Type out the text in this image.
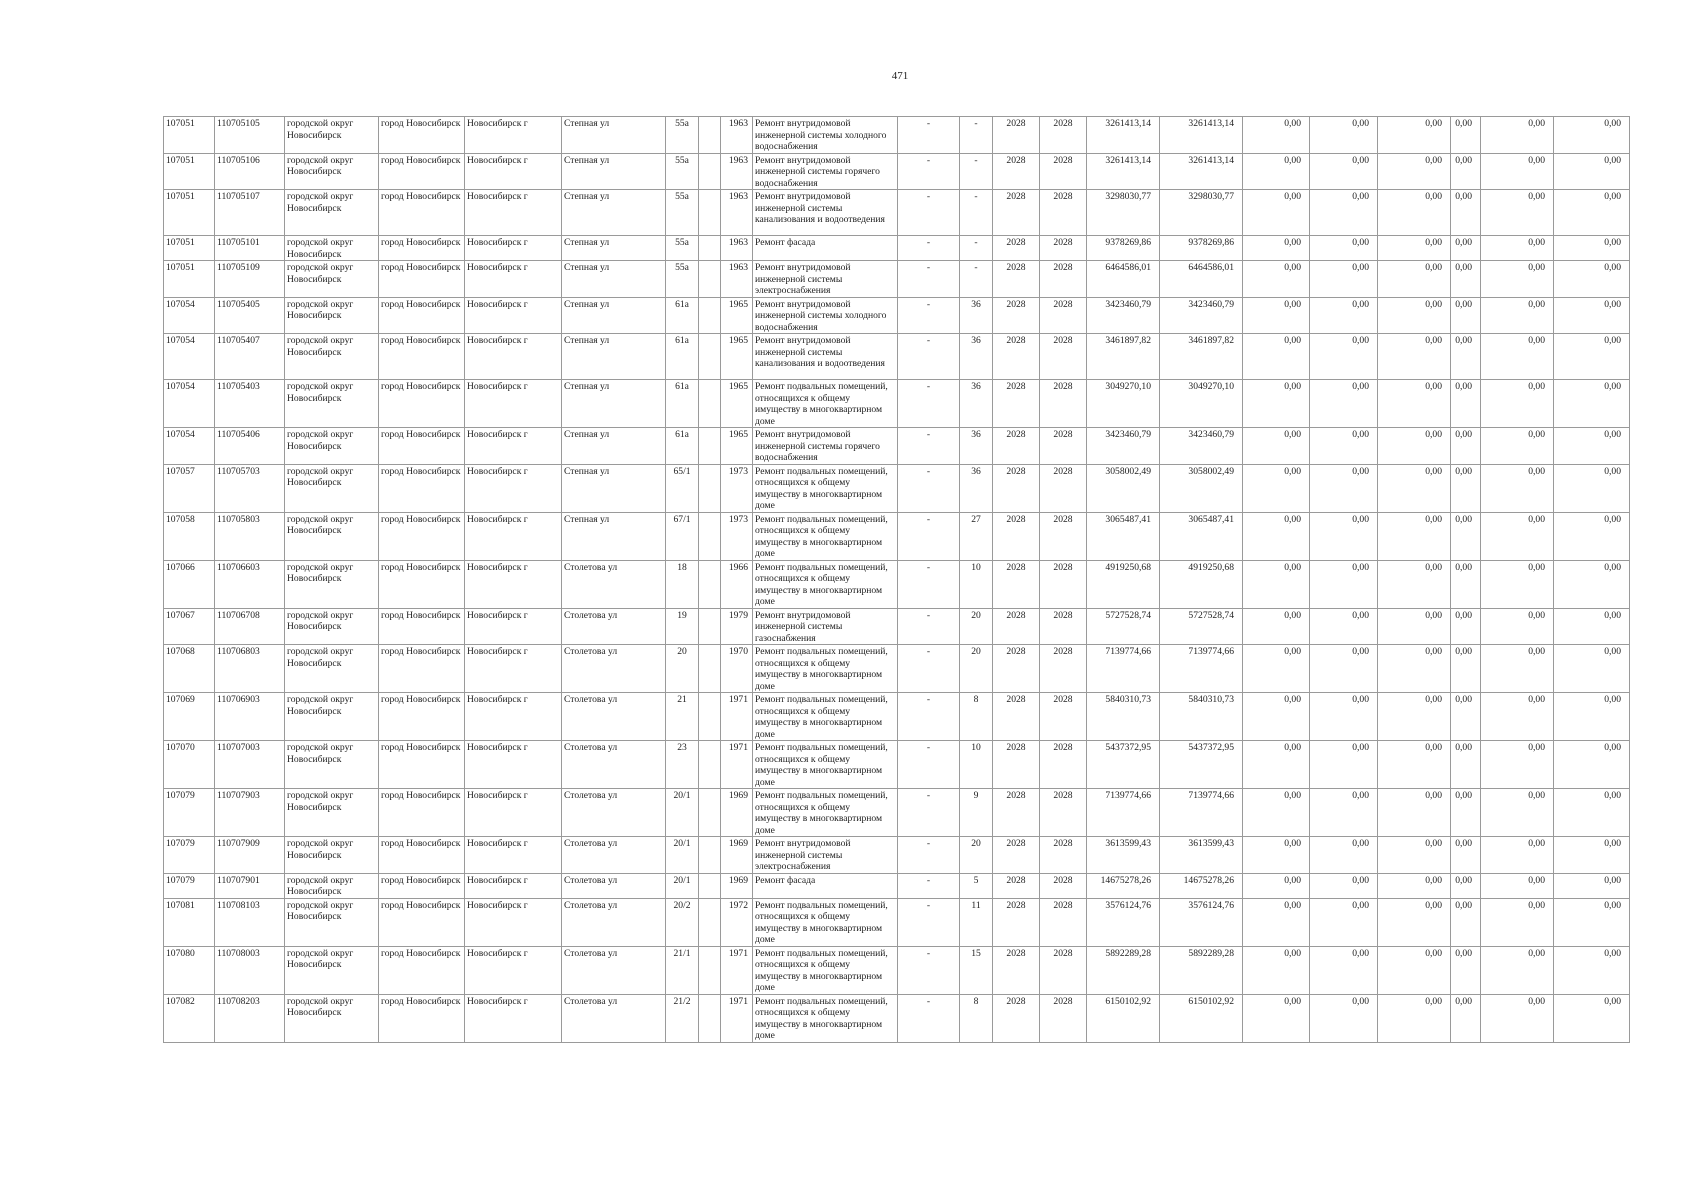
471
107051	110705105	городской округ Новосибирск	город Новосибирск	Новосибирск г	Степная ул	55а		1963	Ремонт внутридомовой инженерной системы холодного водоснабжения	-	-	2028	2028	3261413,14	3261413,14	0,00	0,00	0,00	0,00	0,00	0,00
107051	110705106	городской округ Новосибирск	город Новосибирск	Новосибирск г	Степная ул	55а		1963	Ремонт внутридомовой инженерной системы горячего водоснабжения	-	-	2028	2028	3261413,14	3261413,14	0,00	0,00	0,00	0,00	0,00	0,00
107051	110705107	городской округ Новосибирск	город Новосибирск	Новосибирск г	Степная ул	55а		1963	Ремонт внутридомовой инженерной системы канализования и водоотведения	-	-	2028	2028	3298030,77	3298030,77	0,00	0,00	0,00	0,00	0,00	0,00
107051	110705101	городской округ Новосибирск	город Новосибирск	Новосибирск г	Степная ул	55а		1963	Ремонт фасада	-	-	2028	2028	9378269,86	9378269,86	0,00	0,00	0,00	0,00	0,00	0,00
107051	110705109	городской округ Новосибирск	город Новосибирск	Новосибирск г	Степная ул	55а		1963	Ремонт внутридомовой инженерной системы электроснабжения	-	-	2028	2028	6464586,01	6464586,01	0,00	0,00	0,00	0,00	0,00	0,00
107054	110705405	городской округ Новосибирск	город Новосибирск	Новосибирск г	Степная ул	61а		1965	Ремонт внутридомовой инженерной системы холодного водоснабжения	-	36	2028	2028	3423460,79	3423460,79	0,00	0,00	0,00	0,00	0,00	0,00
107054	110705407	городской округ Новосибирск	город Новосибирск	Новосибирск г	Степная ул	61а		1965	Ремонт внутридомовой инженерной системы канализования и водоотведения	-	36	2028	2028	3461897,82	3461897,82	0,00	0,00	0,00	0,00	0,00	0,00
107054	110705403	городской округ Новосибирск	город Новосибирск	Новосибирск г	Степная ул	61а		1965	Ремонт подвальных помещений, относящихся к общему имуществу в многоквартирном доме	-	36	2028	2028	3049270,10	3049270,10	0,00	0,00	0,00	0,00	0,00	0,00
107054	110705406	городской округ Новосибирск	город Новосибирск	Новосибирск г	Степная ул	61а		1965	Ремонт внутридомовой инженерной системы горячего водоснабжения	-	36	2028	2028	3423460,79	3423460,79	0,00	0,00	0,00	0,00	0,00	0,00
107057	110705703	городской округ Новосибирск	город Новосибирск	Новосибирск г	Степная ул	65/1		1973	Ремонт подвальных помещений, относящихся к общему имуществу в многоквартирном доме	-	36	2028	2028	3058002,49	3058002,49	0,00	0,00	0,00	0,00	0,00	0,00
107058	110705803	городской округ Новосибирск	город Новосибирск	Новосибирск г	Степная ул	67/1		1973	Ремонт подвальных помещений, относящихся к общему имуществу в многоквартирном доме	-	27	2028	2028	3065487,41	3065487,41	0,00	0,00	0,00	0,00	0,00	0,00
107066	110706603	городской округ Новосибирск	город Новосибирск	Новосибирск г	Столетова ул	18		1966	Ремонт подвальных помещений, относящихся к общему имуществу в многоквартирном доме	-	10	2028	2028	4919250,68	4919250,68	0,00	0,00	0,00	0,00	0,00	0,00
107067	110706708	городской округ Новосибирск	город Новосибирск	Новосибирск г	Столетова ул	19		1979	Ремонт внутридомовой инженерной системы газоснабжения	-	20	2028	2028	5727528,74	5727528,74	0,00	0,00	0,00	0,00	0,00	0,00
107068	110706803	городской округ Новосибирск	город Новосибирск	Новосибирск г	Столетова ул	20		1970	Ремонт подвальных помещений, относящихся к общему имуществу в многоквартирном доме	-	20	2028	2028	7139774,66	7139774,66	0,00	0,00	0,00	0,00	0,00	0,00
107069	110706903	городской округ Новосибирск	город Новосибирск	Новосибирск г	Столетова ул	21		1971	Ремонт подвальных помещений, относящихся к общему имуществу в многоквартирном доме	-	8	2028	2028	5840310,73	5840310,73	0,00	0,00	0,00	0,00	0,00	0,00
107070	110707003	городской округ Новосибирск	город Новосибирск	Новосибирск г	Столетова ул	23		1971	Ремонт подвальных помещений, относящихся к общему имуществу в многоквартирном доме	-	10	2028	2028	5437372,95	5437372,95	0,00	0,00	0,00	0,00	0,00	0,00
107079	110707903	городской округ Новосибирск	город Новосибирск	Новосибирск г	Столетова ул	20/1		1969	Ремонт подвальных помещений, относящихся к общему имуществу в многоквартирном доме	-	9	2028	2028	7139774,66	7139774,66	0,00	0,00	0,00	0,00	0,00	0,00
107079	110707909	городской округ Новосибирск	город Новосибирск	Новосибирск г	Столетова ул	20/1		1969	Ремонт внутридомовой инженерной системы электроснабжения	-	20	2028	2028	3613599,43	3613599,43	0,00	0,00	0,00	0,00	0,00	0,00
107079	110707901	городской округ Новосибирск	город Новосибирск	Новосибирск г	Столетова ул	20/1		1969	Ремонт фасада	-	5	2028	2028	14675278,26	14675278,26	0,00	0,00	0,00	0,00	0,00	0,00
107081	110708103	городской округ Новосибирск	город Новосибирск	Новосибирск г	Столетова ул	20/2		1972	Ремонт подвальных помещений, относящихся к общему имуществу в многоквартирном доме	-	11	2028	2028	3576124,76	3576124,76	0,00	0,00	0,00	0,00	0,00	0,00
107080	110708003	городской округ Новосибирск	город Новосибирск	Новосибирск г	Столетова ул	21/1		1971	Ремонт подвальных помещений, относящихся к общему имуществу в многоквартирном доме	-	15	2028	2028	5892289,28	5892289,28	0,00	0,00	0,00	0,00	0,00	0,00
107082	110708203	городской округ Новосибирск	город Новосибирск	Новосибирск г	Столетова ул	21/2		1971	Ремонт подвальных помещений, относящихся к общему имуществу в многоквартирном доме	-	8	2028	2028	6150102,92	6150102,92	0,00	0,00	0,00	0,00	0,00	0,00
